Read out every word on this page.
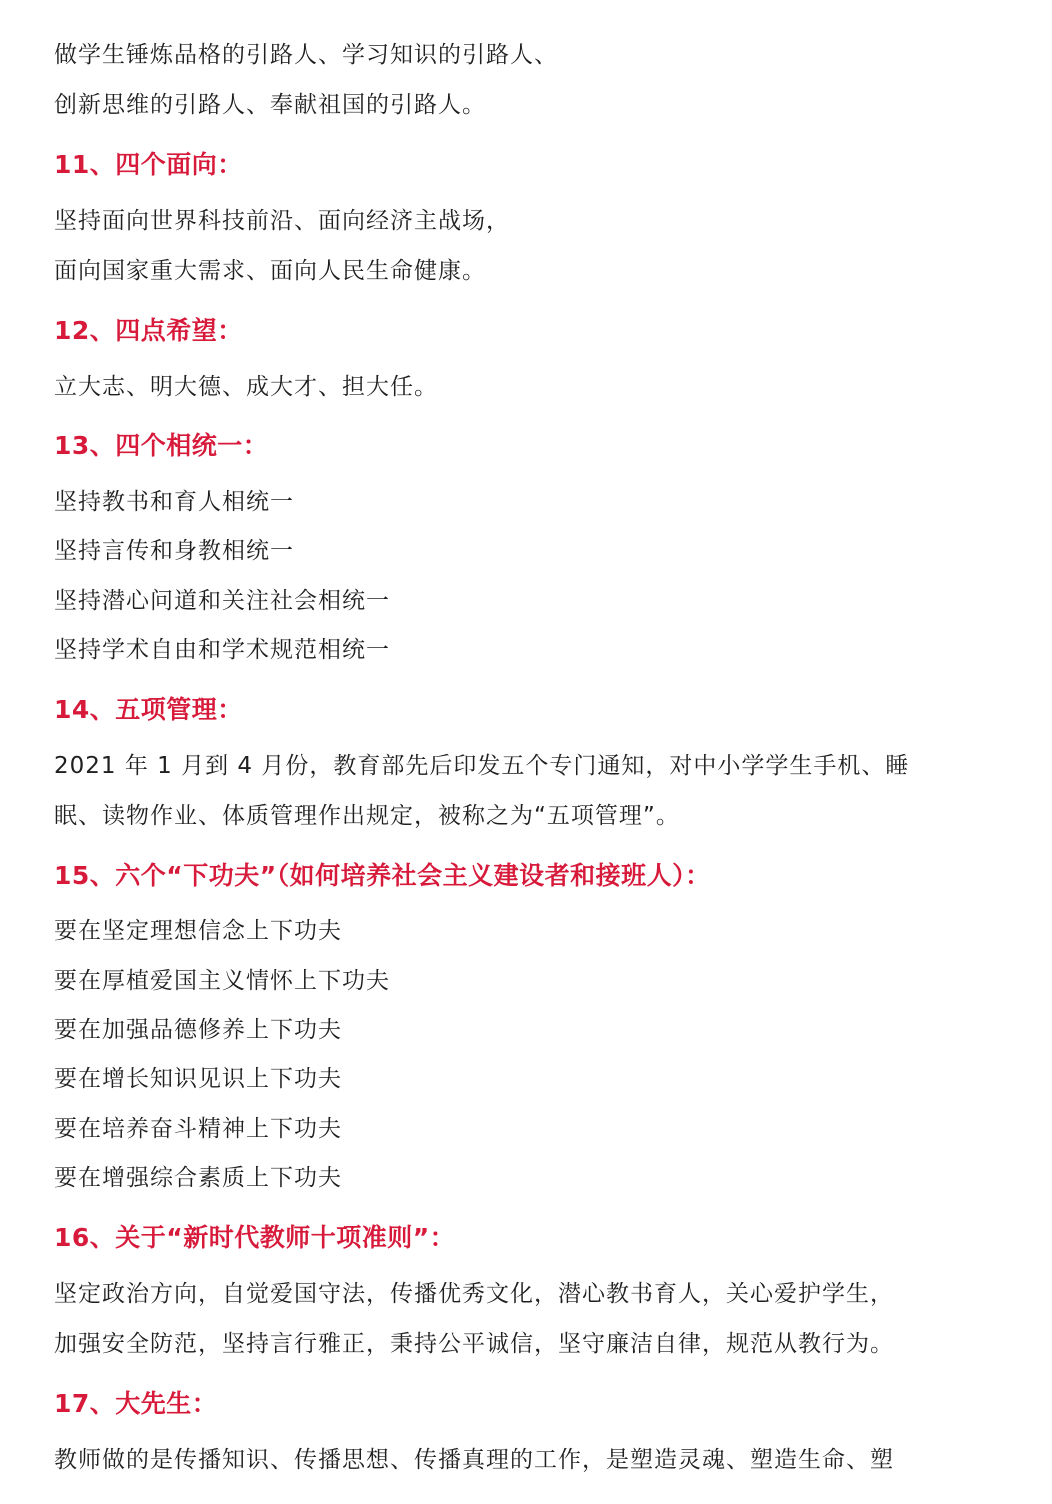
做学生锤炼品格的引路人、学习知识的引路人、
创新思维的引路人、奉献祖国的引路人。
11、四个面向：
坚持面向世界科技前沿、面向经济主战场，
面向国家重大需求、面向人民生命健康。
12、四点希望：
立大志、明大德、成大才、担大任。
13、四个相统一：
坚持教书和育人相统一
坚持言传和身教相统一
坚持潜心问道和关注社会相统一
坚持学术自由和学术规范相统一
14、五项管理：
2021 年 1 月到 4 月份，教育部先后印发五个专门通知，对中小学学生手机、睡
眠、读物作业、体质管理作出规定，被称之为“五项管理”。
15、六个“下功夫”（如何培养社会主义建设者和接班人）：
要在坚定理想信念上下功夫
要在厚植爱国主义情怀上下功夫
要在加强品德修养上下功夫
要在增长知识见识上下功夫
要在培养奋斗精神上下功夫
要在增强综合素质上下功夫
16、关于“新时代教师十项准则”：
坚定政治方向，自觉爱国守法，传播优秀文化，潜心教书育人，关心爱护学生，
加强安全防范，坚持言行雅正，秉持公平诚信，坚守廉洁自律，规范从教行为。
17、大先生：
教师做的是传播知识、传播思想、传播真理的工作，是塑造灵魂、塑造生命、塑
